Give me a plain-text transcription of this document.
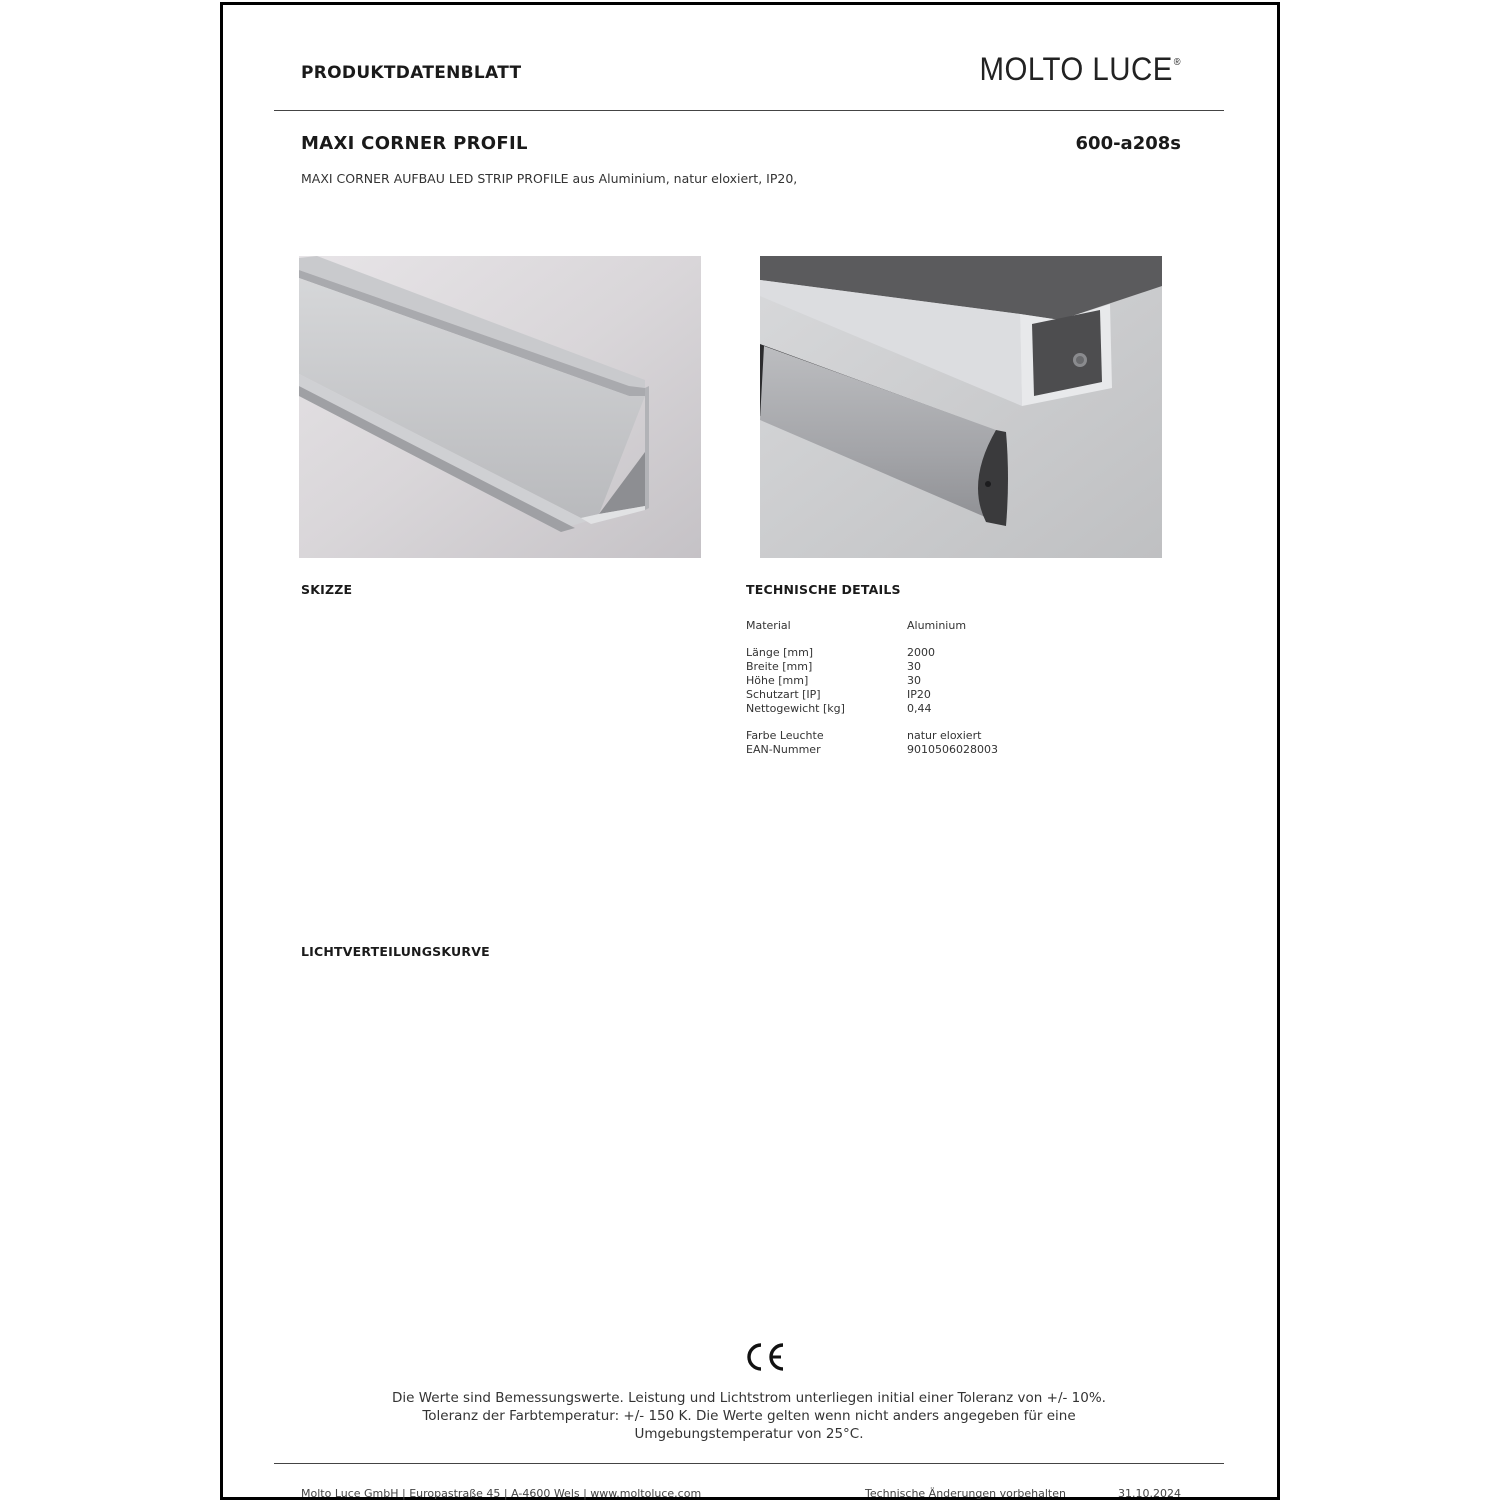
PRODUKTDATENBLATT	MOLTO LUCE®
MAXI CORNER PROFIL	600-a208s
MAXI CORNER AUFBAU LED STRIP PROFILE aus Aluminium, natur eloxiert, IP20,
SKIZZE	TECHNISCHE DETAILS
Material	Aluminium
Länge [mm]	2000
Breite [mm]	30
Höhe [mm]	30
Schutzart [IP]	IP20
Nettogewicht [kg]	0,44
Farbe Leuchte	natur eloxiert
EAN-Nummer	9010506028003
LICHTVERTEILUNGSKURVE
Die Werte sind Bemessungswerte. Leistung und Lichtstrom unterliegen initial einer Toleranz von +/- 10%.
Toleranz der Farbtemperatur: +/- 150 K. Die Werte gelten wenn nicht anders angegeben für eine
Umgebungstemperatur von 25°C.
Molto Luce GmbH | Europastraße 45 | A-4600 Wels | www.moltoluce.com	Technische Änderungen vorbehalten	31.10.2024
